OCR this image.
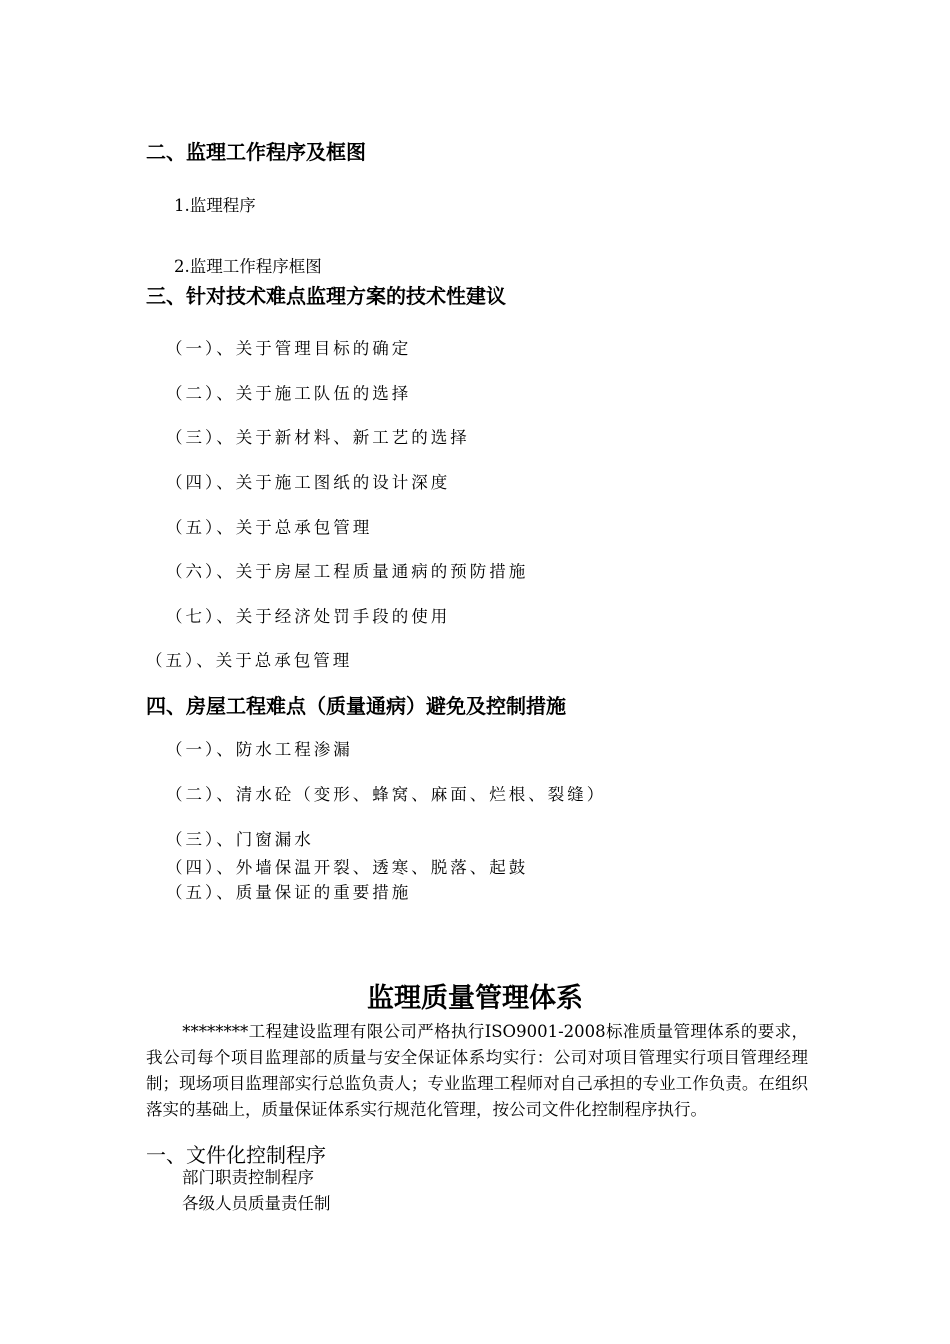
二、监理工作程序及框图
1.监理程序
2.监理工作程序框图
三、针对技术难点监理方案的技术性建议
（一）、关于管理目标的确定
（二）、关于施工队伍的选择
（三）、关于新材料、新工艺的选择
（四）、关于施工图纸的设计深度
（五）、关于总承包管理
（六）、关于房屋工程质量通病的预防措施
（七）、关于经济处罚手段的使用
（五）、关于总承包管理
四、房屋工程难点（质量通病）避免及控制措施
（一）、防水工程渗漏
（二）、清水砼（变形、蜂窝、麻面、烂根、裂缝）
（三）、门窗漏水
（四）、外墙保温开裂、透寒、脱落、起鼓
（五）、质量保证的重要措施
监理质量管理体系
********工程建设监理有限公司严格执行ISO9001-2008标准质量管理体系的要求，我公司每个项目监理部的质量与安全保证体系均实行：公司对项目管理实行项目管理经理制；现场项目监理部实行总监负责人；专业监理工程师对自己承担的专业工作负责。在组织落实的基础上，质量保证体系实行规范化管理，按公司文件化控制程序执行。
一、文件化控制程序
部门职责控制程序
各级人员质量责任制
